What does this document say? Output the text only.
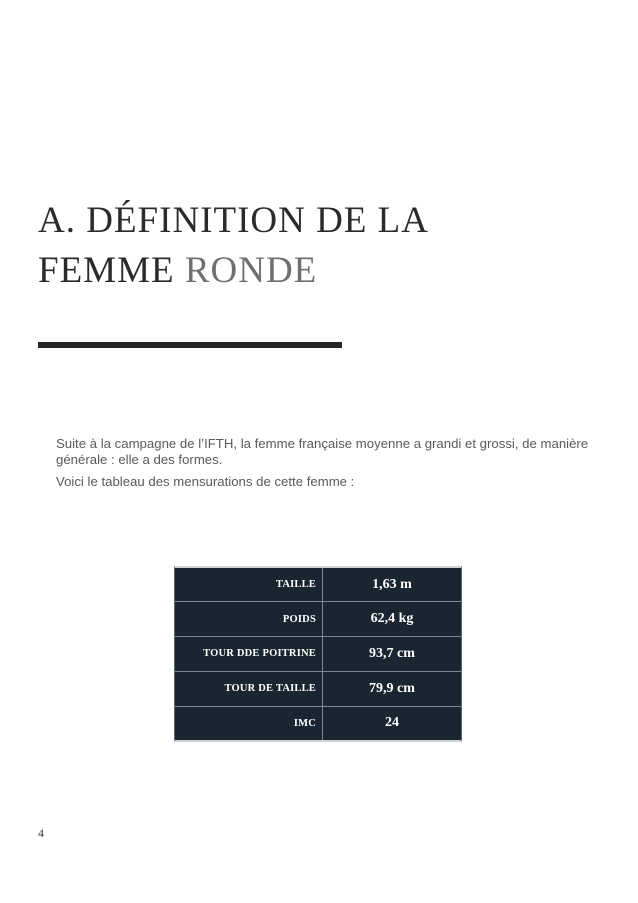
A. DÉFINITION DE LA
FEMME RONDE

Suite à la campagne de l’IFTH, la femme française moyenne a grandi et grossi, de manière générale : elle a des formes.

Voici le tableau des mensurations de cette femme :

TAILLE	1,63 m
POIDS	62,4 kg
TOUR DDE POITRINE	93,7 cm
TOUR DE TAILLE	79,9 cm
IMC	24
4
